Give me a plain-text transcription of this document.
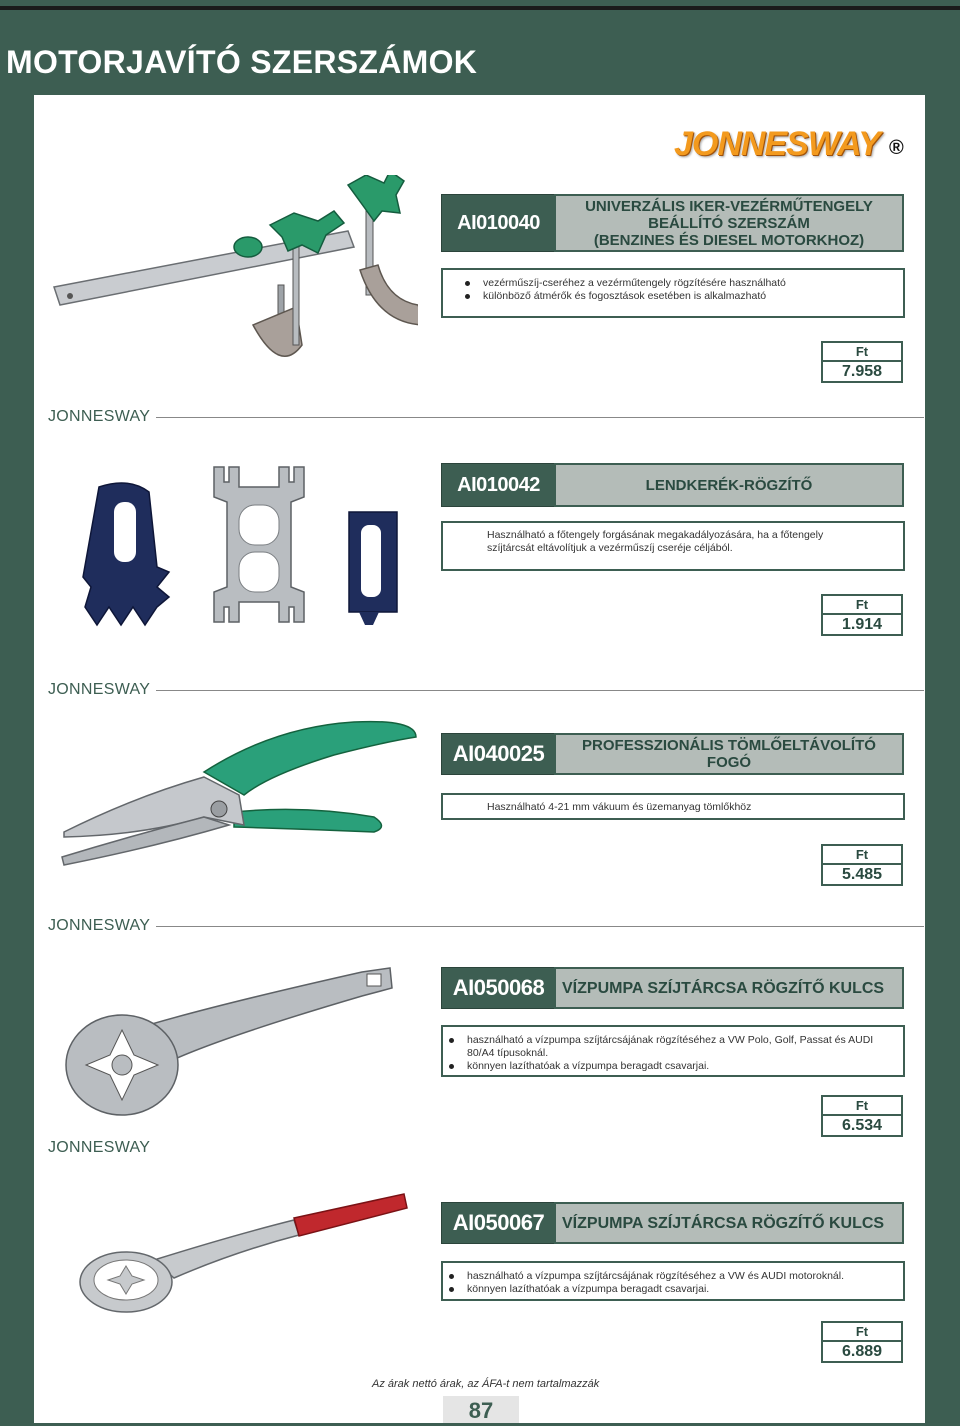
MOTORJAVÍTÓ SZERSZÁMOK
JONNESWAY ®
AI010040
UNIVERZÁLIS IKER-VEZÉRMŰTENGELY
BEÁLLÍTÓ SZERSZÁM
(BENZINES ÉS DIESEL MOTORKHOZ)
vezérműszíj-cseréhez a vezérműtengely rögzítésére használható
különböző átmérők és fogosztások esetében is alkalmazható
Ft
7.958
JONNESWAY
AI010042	LENDKERÉK-RÖGZÍTŐ
Használható a főtengely forgásának megakadályozására, ha a főtengely szíjtárcsát eltávolítjuk a vezérműszíj cseréje céljából.
Ft
1.914
JONNESWAY
AI040025	PROFESSZIONÁLIS TÖMLŐELTÁVOLÍTÓ
FOGÓ
Használható 4-21 mm vákuum és üzemanyag tömlőkhöz
Ft
5.485
JONNESWAY
AI050068	VÍZPUMPA SZÍJTÁRCSA RÖGZÍTŐ KULCS
használható a vízpumpa szíjtárcsájának rögzítéséhez a VW Polo, Golf, Passat és AUDI 80/A4 típusoknál.
könnyen lazíthatóak a vízpumpa beragadt csavarjai.
Ft
6.534
JONNESWAY
AI050067	VÍZPUMPA SZÍJTÁRCSA RÖGZÍTŐ KULCS
használható a vízpumpa szíjtárcsájának rögzítéséhez a VW és AUDI motoroknál.
könnyen lazíthatóak a vízpumpa beragadt csavarjai.
Ft
6.889
Az árak nettó árak, az ÁFA-t nem tartalmazzák
87
